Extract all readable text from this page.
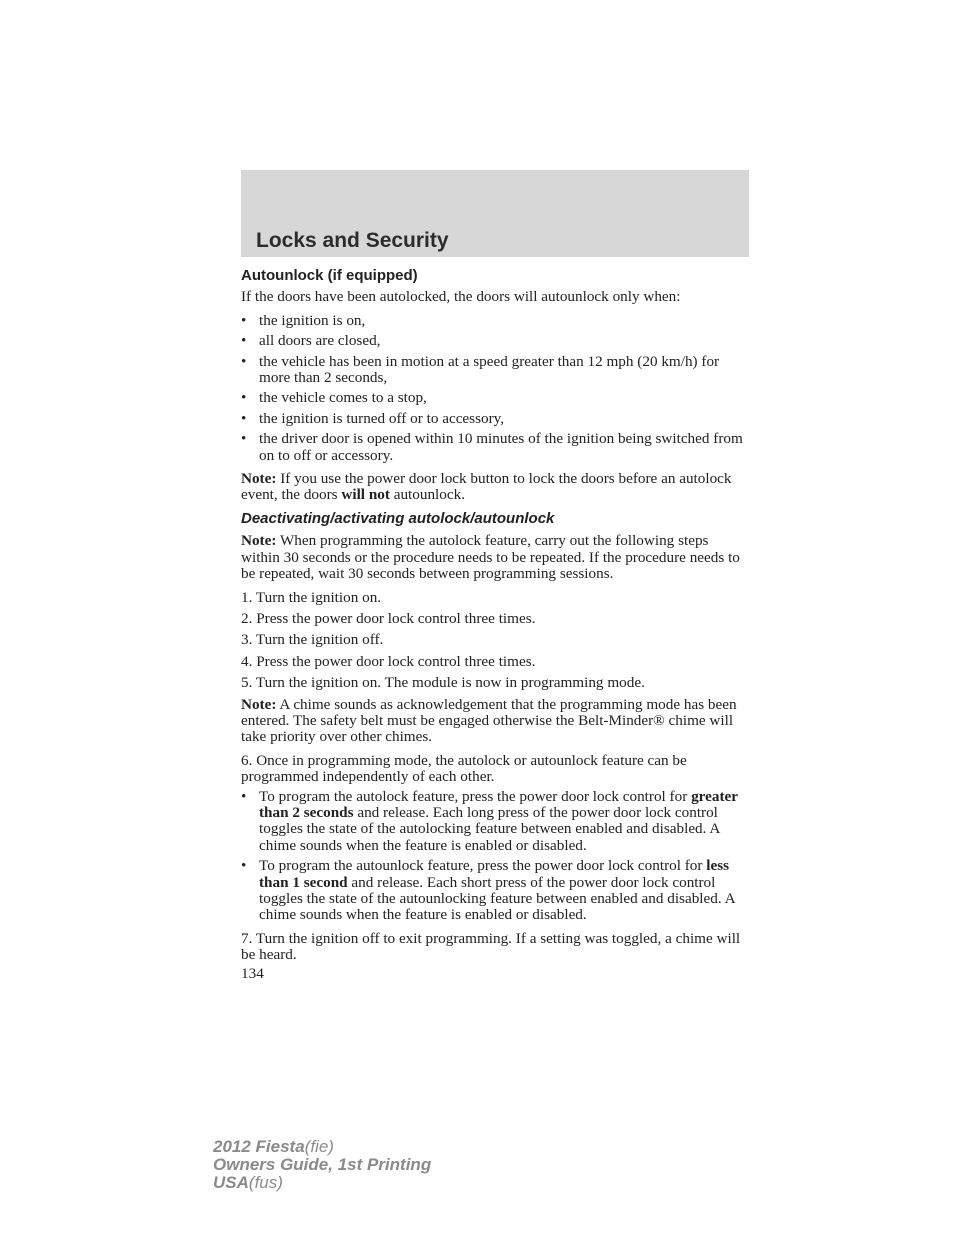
Locks and Security
Autounlock (if equipped)

If the doors have been autolocked, the doors will autounlock only when:

• the ignition is on,
• all doors are closed,
• the vehicle has been in motion at a speed greater than 12 mph (20 km/h) for more than 2 seconds,
• the vehicle comes to a stop,
• the ignition is turned off or to accessory,
• the driver door is opened within 10 minutes of the ignition being switched from on to off or accessory.

Note: If you use the power door lock button to lock the doors before an autolock event, the doors will not autounlock.

Deactivating/activating autolock/autounlock

Note: When programming the autolock feature, carry out the following steps within 30 seconds or the procedure needs to be repeated. If the procedure needs to be repeated, wait 30 seconds between programming sessions.

1. Turn the ignition on.

2. Press the power door lock control three times.

3. Turn the ignition off.

4. Press the power door lock control three times.

5. Turn the ignition on. The module is now in programming mode.

Note: A chime sounds as acknowledgement that the programming mode has been entered. The safety belt must be engaged otherwise the Belt-Minder® chime will take priority over other chimes.

6. Once in programming mode, the autolock or autounlock feature can be programmed independently of each other.

• To program the autolock feature, press the power door lock control for greater than 2 seconds and release. Each long press of the power door lock control toggles the state of the autolocking feature between enabled and disabled. A chime sounds when the feature is enabled or disabled.
• To program the autounlock feature, press the power door lock control for less than 1 second and release. Each short press of the power door lock control toggles the state of the autounlocking feature between enabled and disabled. A chime sounds when the feature is enabled or disabled.

7. Turn the ignition off to exit programming. If a setting was toggled, a chime will be heard.

134
2012 Fiesta(fie)
Owners Guide, 1st Printing
USA(fus)
